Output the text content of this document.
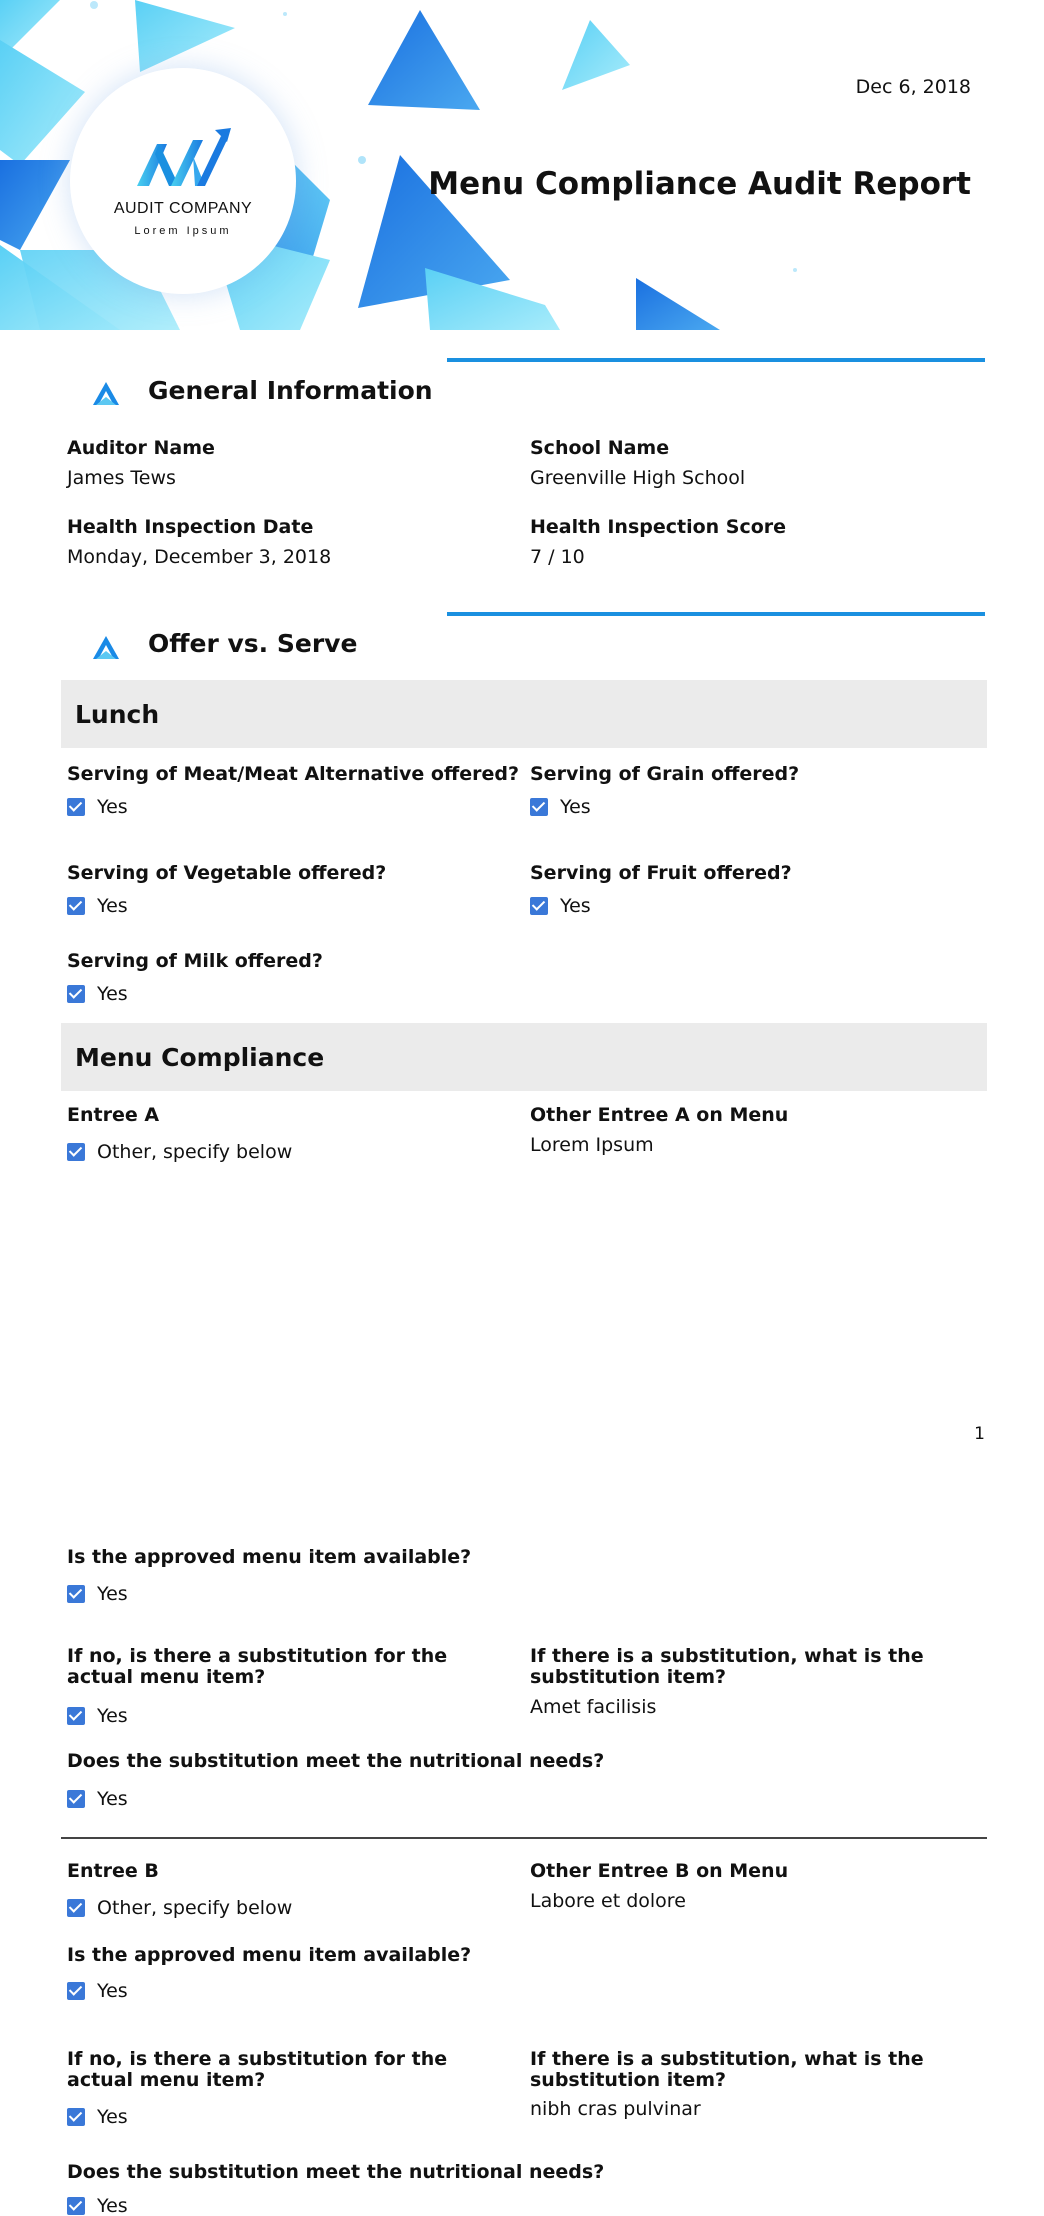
AUDIT COMPANY
Lorem Ipsum
Dec 6, 2018
Menu Compliance Audit Report
General Information
Auditor Name
James Tews
School Name
Greenville High School
Health Inspection Date
Monday, December 3, 2018
Health Inspection Score
7 / 10
Offer vs. Serve
Lunch
Serving of Meat/Meat Alternative offered?
Yes
Serving of Grain offered?
Yes
Serving of Vegetable offered?
Yes
Serving of Fruit offered?
Yes
Serving of Milk offered?
Yes
Menu Compliance
Entree A
Other, specify below
Other Entree A on Menu
Lorem Ipsum
1
Is the approved menu item available?
Yes
If no, is there a substitution for the actual menu item?
Yes
If there is a substitution, what is the substitution item?
Amet facilisis
Does the substitution meet the nutritional needs?
Yes
Entree B
Other, specify below
Other Entree B on Menu
Labore et dolore
Is the approved menu item available?
Yes
If no, is there a substitution for the actual menu item?
Yes
If there is a substitution, what is the substitution item?
nibh cras pulvinar
Does the substitution meet the nutritional needs?
Yes
